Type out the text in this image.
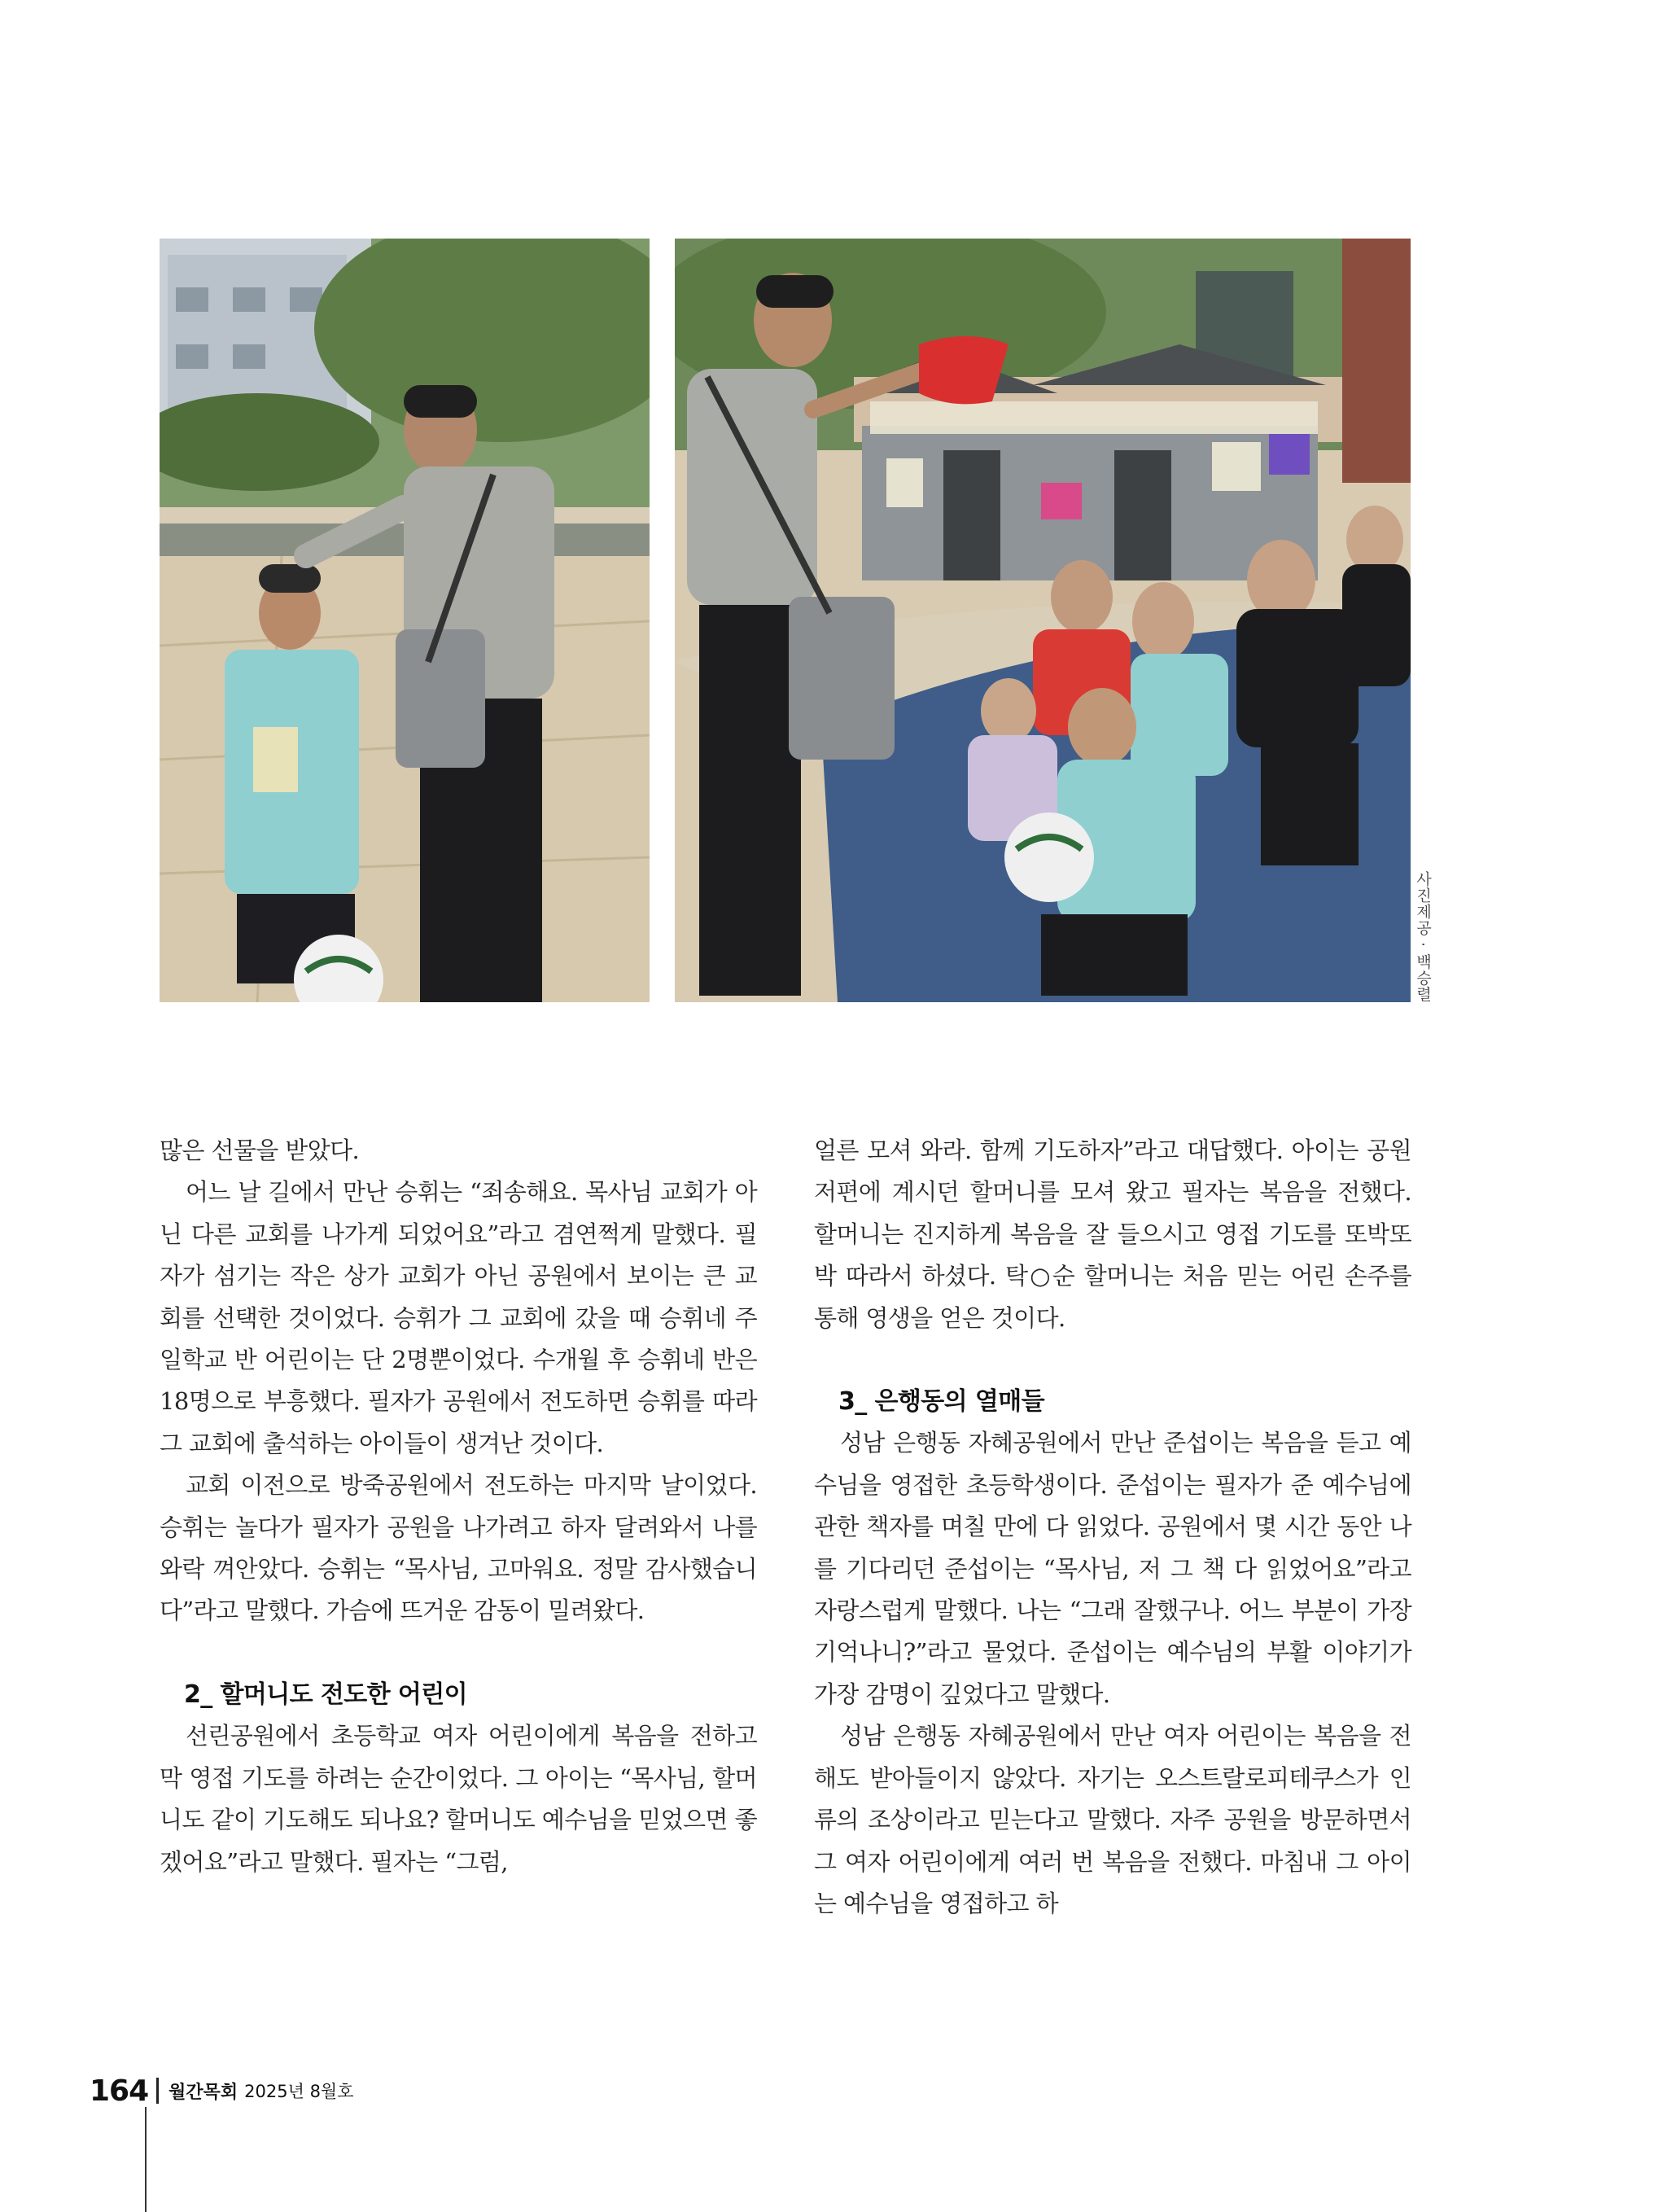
사진제공 · 백승렬

많은 선물을 받았다.

어느 날 길에서 만난 승휘는 “죄송해요. 목사님 교회가 아닌 다른 교회를 나가게 되었어요”라고 겸연쩍게 말했다. 필자가 섬기는 작은 상가 교회가 아닌 공원에서 보이는 큰 교회를 선택한 것이었다. 승휘가 그 교회에 갔을 때 승휘네 주일학교 반 어린이는 단 2명뿐이었다. 수개월 후 승휘네 반은 18명으로 부흥했다. 필자가 공원에서 전도하면 승휘를 따라 그 교회에 출석하는 아이들이 생겨난 것이다.

교회 이전으로 방죽공원에서 전도하는 마지막 날이었다. 승휘는 놀다가 필자가 공원을 나가려고 하자 달려와서 나를 와락 껴안았다. 승휘는 “목사님, 고마워요. 정말 감사했습니다”라고 말했다. 가슴에 뜨거운 감동이 밀려왔다.

2_ 할머니도 전도한 어린이

선린공원에서 초등학교 여자 어린이에게 복음을 전하고 막 영접 기도를 하려는 순간이었다. 그 아이는 “목사님, 할머니도 같이 기도해도 되나요? 할머니도 예수님을 믿었으면 좋겠어요”라고 말했다. 필자는 “그럼,

얼른 모셔 와라. 함께 기도하자”라고 대답했다. 아이는 공원 저편에 계시던 할머니를 모셔 왔고 필자는 복음을 전했다. 할머니는 진지하게 복음을 잘 들으시고 영접 기도를 또박또박 따라서 하셨다. 탁○순 할머니는 처음 믿는 어린 손주를 통해 영생을 얻은 것이다.

3_ 은행동의 열매들

성남 은행동 자혜공원에서 만난 준섭이는 복음을 듣고 예수님을 영접한 초등학생이다. 준섭이는 필자가 준 예수님에 관한 책자를 며칠 만에 다 읽었다. 공원에서 몇 시간 동안 나를 기다리던 준섭이는 “목사님, 저 그 책 다 읽었어요”라고 자랑스럽게 말했다. 나는 “그래 잘했구나. 어느 부분이 가장 기억나니?”라고 물었다. 준섭이는 예수님의 부활 이야기가 가장 감명이 깊었다고 말했다.

성남 은행동 자혜공원에서 만난 여자 어린이는 복음을 전해도 받아들이지 않았다. 자기는 오스트랄로피테쿠스가 인류의 조상이라고 믿는다고 말했다. 자주 공원을 방문하면서 그 여자 어린이에게 여러 번 복음을 전했다. 마침내 그 아이는 예수님을 영접하고 하

164 월간목회 2025년 8월호
